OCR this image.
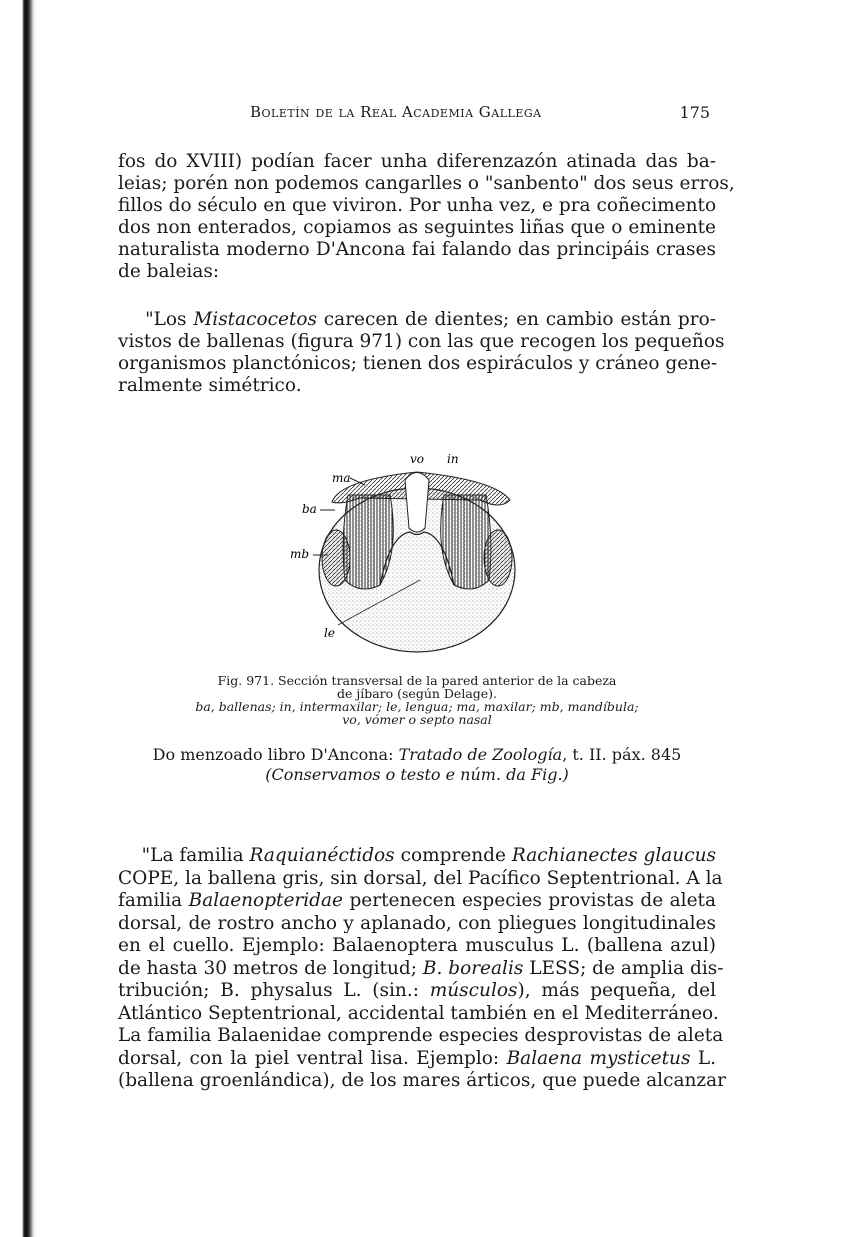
Boletín de la Real Academia Gallega	175
fos do XVIII) podían facer unha diferenzazón atinada das ba-
leias; porén non podemos cangarlles o "sanbento" dos seus erros,
fillos do século en que viviron. Por unha vez, e pra coñecimento
dos non enterados, copiamos as seguintes liñas que o eminente
naturalista moderno D'Ancona fai falando das principáis crases
de baleias:
"Los Mistacocetos carecen de dientes; en cambio están pro-
vistos de ballenas (figura 971) con las que recogen los pequeños
organismos planctónicos; tienen dos espiráculos y cráneo gene-
ralmente simétrico.
vo in
ma
ba
mb
le
Fig. 971. Sección transversal de la pared anterior de la cabeza
de jíbaro (según Delage).
ba, ballenas; in, intermaxilar; le, lengua; ma, maxilar; mb, mandíbula;
vo, vómer o septo nasal
Do menzoado libro D'Ancona: Tratado de Zoología, t. II. páx. 845
(Conservamos o testo e núm. da Fig.)
"La familia Raquianéctidos comprende Rachianectes glaucus
COPE, la ballena gris, sin dorsal, del Pacífico Septentrional. A la
familia Balaenopteridae pertenecen especies provistas de aleta
dorsal, de rostro ancho y aplanado, con pliegues longitudinales
en el cuello. Ejemplo: Balaenoptera musculus L. (ballena azul)
de hasta 30 metros de longitud; B. borealis LESS; de amplia dis-
tribución; B. physalus L. (sin.: músculos), más pequeña, del
Atlántico Septentrional, accidental también en el Mediterráneo.
La familia Balaenidae comprende especies desprovistas de aleta
dorsal, con la piel ventral lisa. Ejemplo: Balaena mysticetus L.
(ballena groenlándica), de los mares árticos, que puede alcanzar
